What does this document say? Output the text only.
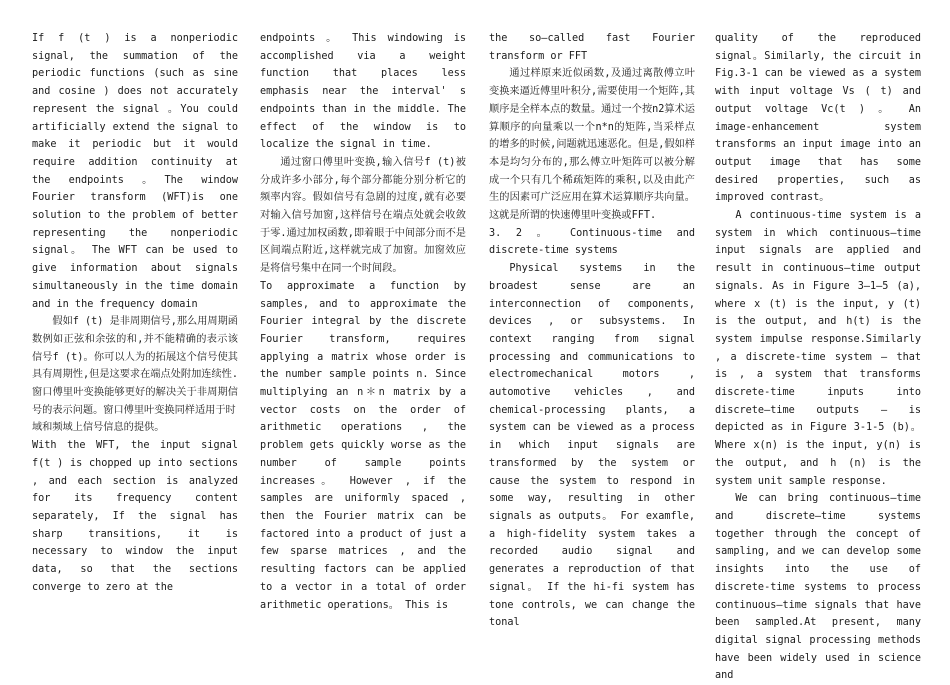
If f (t ) is a nonperiodic signal, the summation of the periodic functions (such as sine and cosine ) does not accurately represent the signal 。You could artificially extend the signal to make it periodic but it would require addition continuity at the endpoints 。The window Fourier transform (WFT)is one solution to the problem of better representing the nonperiodic signal。 The WFT can be used to give information about signals simultaneously in the time domain and in the frequency domain

假如f (t) 是非周期信号,那么用周期函数例如正弦和余弦的和,并不能精确的表示该信号f (t)。你可以人为的拓展这个信号使其具有周期性,但是这要求在端点处附加连续性.窗口傅里叶变换能够更好的解决关于非周期信号的表示问题。窗口傅里叶变换同样适用于时

域和频域上信号信息的提供。

With the WFT, the input signal f(t ) is chopped up into sections , and each section is analyzed for its frequency content separately, If the signal has sharp transitions, it is necessary to window the input data, so that the sections converge to zero at the

endpoints 。 This windowing is accomplished via a weight function that places less emphasis near the interval' s endpoints than in the middle. The effect of the window is to localize the signal in time.

通过窗口傅里叶变换,输入信号f (t)被分成许多小部分,每个部分都能分别分析它的频率内容。假如信号有急剧的过度,就有必要对输入信号加窗,这样信号在端点处就会收敛于零.通过加权函数,即着眼于中间部分而不是区间端点附近,这样就完成了加窗。加窗效应是将信号集中在同一个时间段。

To approximate a function by samples, and to approximate the Fourier integral by the discrete Fourier transform, requires applying a matrix whose order is the number sample points n. Since multiplying an n＊n matrix by a vector costs on the order of arithmetic operations , the problem gets quickly worse as the number of sample points increases。 However , if the samples are uniformly spaced , then the Fourier matrix can be factored into a product of just a few sparse matrices , and the resulting factors can be applied to a vector in a total of order arithmetic operations。 This is

the so—called fast Fourier transform or FFT

通过样原来近似函数,及通过离散傅立叶变换来逼近傅里叶积分,需要使用一个矩阵,其顺序是全样本点的数量。通过一个按n2算术运算顺序的向量乘以一个n*n的矩阵,当采样点的增多的时候,问题就迅速恶化。但是,假如样本是均匀分布的,那么傅立叶矩阵可以被分解成一个只有几个稀疏矩阵的乘积,以及由此产生的因素可广泛应用在算术运算顺序共向量。这就是所谓的快速傅里叶变换或FFT.

3. 2 。 Continuous-time and discrete-time systems

Physical systems in the broadest sense are an interconnection of components, devices , or subsystems. In context ranging from signal processing and communications to electromechanical motors , automotive vehicles , and chemical-processing plants, a system can be viewed as a process in which input signals are transformed by the system or cause the system to respond in some way, resulting in other signals as outputs。 For examfle, a high-fidelity system takes a recorded audio signal and generates a reproduction of that signal。 If the hi-fi system has tone controls, we can change the tonal

quality of the reproduced signal。Similarly, the circuit in Fig.3-1 can be viewed as a system with input voltage Vs ( t) and output voltage Vc(t ) 。 An image-enhancement system transforms an input image into an output image that has some desired properties, such as improved contrast。

A continuous-time system is a system in which continuous—time input signals are applied and result in continuous—time output signals. As in Figure 3—1—5 (a), where x (t) is the input, y (t) is the output, and h(t) is the system impulse response.Similarly , a discrete-time system — that is , a system that transforms discrete-time inputs into discrete—time outputs — is depicted as in Figure 3-1-5 (b)。 Where x(n) is the input, y(n) is the output, and h (n) is the system unit sample response.

We can bring continuous—time and discrete—time systems together through the concept of sampling, and we can develop some insights into the use of discrete-time systems to process continuous—time signals that have been sampled.At present, many digital signal processing methods have been widely used in science and
